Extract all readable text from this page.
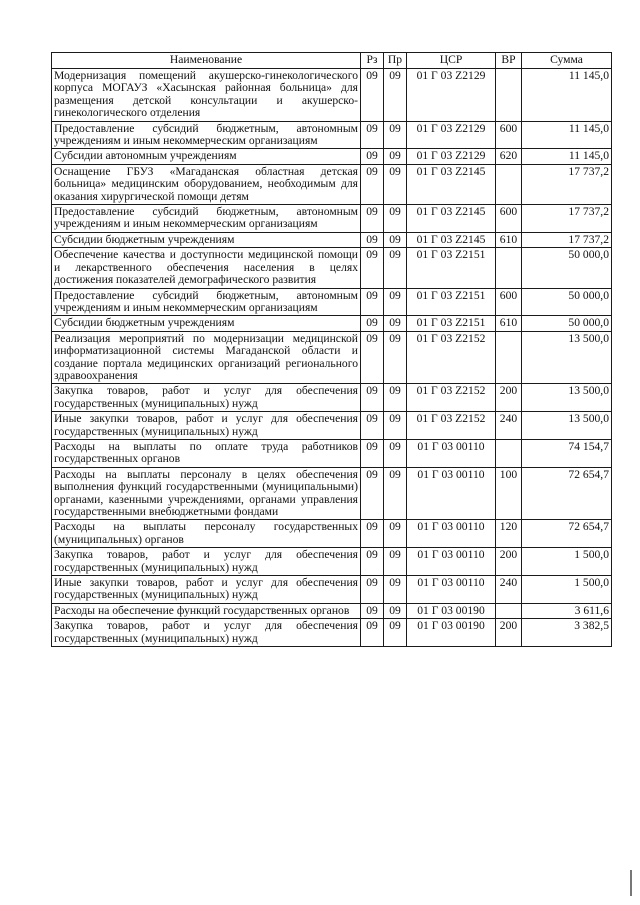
Наименование	Рз	Пр	ЦСР	ВР	Сумма
Модернизация помещений акушерско-гинекологического корпуса МОГАУЗ «Хасынская районная больница» для размещения детской консультации и акушерско-гинекологического отделения	09	09	01 Г 03 Z2129		11 145,0
Предоставление субсидий бюджетным, автономным учреждениям и иным некоммерческим организациям	09	09	01 Г 03 Z2129	600	11 145,0
Субсидии автономным учреждениям	09	09	01 Г 03 Z2129	620	11 145,0
Оснащение ГБУЗ «Магаданская областная детская больница» медицинским оборудованием, необходимым для оказания хирургической помощи детям	09	09	01 Г 03 Z2145		17 737,2
Предоставление субсидий бюджетным, автономным учреждениям и иным некоммерческим организациям	09	09	01 Г 03 Z2145	600	17 737,2
Субсидии бюджетным учреждениям	09	09	01 Г 03 Z2145	610	17 737,2
Обеспечение качества и доступности медицинской помощи и лекарственного обеспечения населения в целях достижения показателей демографического развития	09	09	01 Г 03 Z2151		50 000,0
Предоставление субсидий бюджетным, автономным учреждениям и иным некоммерческим организациям	09	09	01 Г 03 Z2151	600	50 000,0
Субсидии бюджетным учреждениям	09	09	01 Г 03 Z2151	610	50 000,0
Реализация мероприятий по модернизации медицинской информатизационной системы Магаданской области и создание портала медицинских организаций регионального здравоохранения	09	09	01 Г 03 Z2152		13 500,0
Закупка товаров, работ и услуг для обеспечения государственных (муниципальных) нужд	09	09	01 Г 03 Z2152	200	13 500,0
Иные закупки товаров, работ и услуг для обеспечения государственных (муниципальных) нужд	09	09	01 Г 03 Z2152	240	13 500,0
Расходы на выплаты по оплате труда работников государственных органов	09	09	01 Г 03 00110		74 154,7
Расходы на выплаты персоналу в целях обеспечения выполнения функций государственными (муниципальными) органами, казенными учреждениями, органами управления государственными внебюджетными фондами	09	09	01 Г 03 00110	100	72 654,7
Расходы на выплаты персоналу государственных (муниципальных) органов	09	09	01 Г 03 00110	120	72 654,7
Закупка товаров, работ и услуг для обеспечения государственных (муниципальных) нужд	09	09	01 Г 03 00110	200	1 500,0
Иные закупки товаров, работ и услуг для обеспечения государственных (муниципальных) нужд	09	09	01 Г 03 00110	240	1 500,0
Расходы на обеспечение функций государственных органов	09	09	01 Г 03 00190		3 611,6
Закупка товаров, работ и услуг для обеспечения государственных (муниципальных) нужд	09	09	01 Г 03 00190	200	3 382,5
